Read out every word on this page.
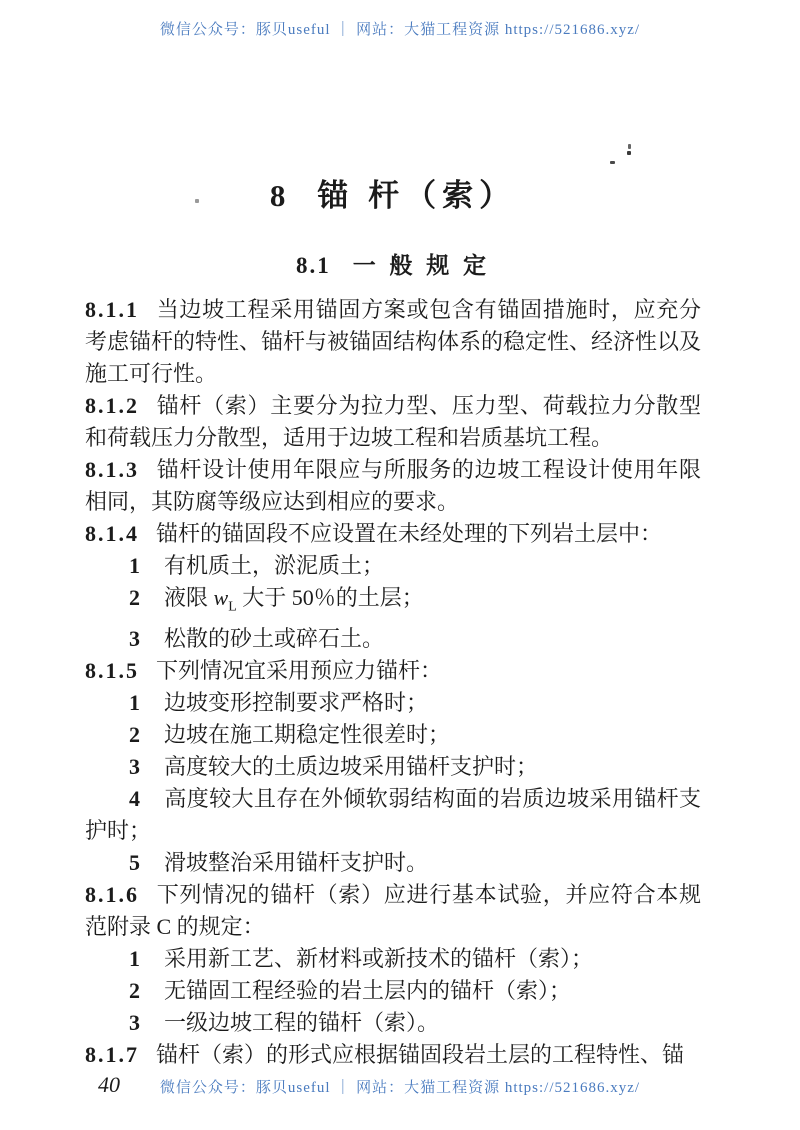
微信公众号：豚贝useful ｜ 网站：大猫工程资源 https://521686.xyz/
8 锚 杆（索）
8.1 一 般 规 定

8.1.1 当边坡工程采用锚固方案或包含有锚固措施时，应充分考虑锚杆的特性、锚杆与被锚固结构体系的稳定性、经济性以及施工可行性。

8.1.2 锚杆（索）主要分为拉力型、压力型、荷载拉力分散型和荷载压力分散型，适用于边坡工程和岩质基坑工程。

8.1.3 锚杆设计使用年限应与所服务的边坡工程设计使用年限相同，其防腐等级应达到相应的要求。

8.1.4 锚杆的锚固段不应设置在未经处理的下列岩土层中：

1 有机质土，淤泥质土；

2 液限 $w_L$ 大于 50％的土层；

3 松散的砂土或碎石土。

8.1.5 下列情况宜采用预应力锚杆：

1 边坡变形控制要求严格时；

2 边坡在施工期稳定性很差时；

3 高度较大的土质边坡采用锚杆支护时；

4 高度较大且存在外倾软弱结构面的岩质边坡采用锚杆支护时；

5 滑坡整治采用锚杆支护时。

8.1.6 下列情况的锚杆（索）应进行基本试验，并应符合本规范附录 C 的规定：

1 采用新工艺、新材料或新技术的锚杆（索）；

2 无锚固工程经验的岩土层内的锚杆（索）；

3 一级边坡工程的锚杆（索）。

8.1.7 锚杆（索）的形式应根据锚固段岩土层的工程特性、锚

40	微信公众号：豚贝useful ｜ 网站：大猫工程资源 https://521686.xyz/
